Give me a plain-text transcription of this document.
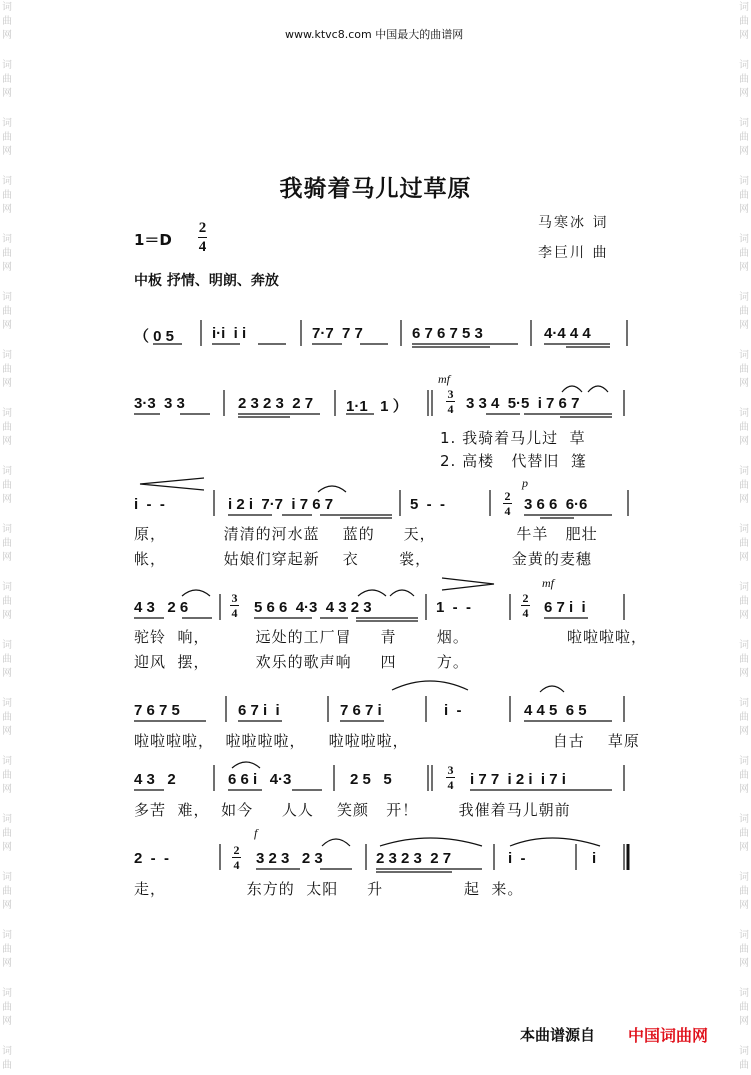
词
曲
网
词
曲
网
词
曲
网
词
曲
网
词
曲
网
词
曲
网
词
曲
网
词
曲
网
词
曲
网
词
曲
网
词
曲
网
词
曲
网
词
曲
网
词
曲
网
词
曲
网
词
曲
网
词
曲
网
词
曲
网
词
曲
词
曲
网
词
曲
网
词
曲
网
词
曲
网
词
曲
网
词
曲
网
词
曲
网
词
曲
网
词
曲
网
词
曲
网
词
曲
网
词
曲
网
词
曲
网
词
曲
网
词
曲
网
词
曲
网
词
曲
网
词
曲
网
词
曲
www.ktvc8.com 中国最大的曲谱网
我骑着马儿过草原
马寒冰 词
李巨川 曲
1＝D
2
4
中板 抒情、明朗、奔放
（ 0 5	i·i  i i	7·7  7 7	6 7 6 7 5 3	4·4 4 4
3·3  3 3	2 3 2 3  2 7 1·1   1 ）
3
4 3 3 4  5·5  i 7 6 7
mf
1. 我骑着马儿过  草
2. 高楼   代替旧  篷
i  -  -	i 2 i  7·7  i 7 6 7	5  -  -	2
4 3 6 6  6·6
p
原，          清清的河水蓝    蓝的     天，              牛羊   肥壮
帐，          姑娘们穿起新    衣       裳，              金黄的麦穗
4 3   2 6
3
4 5 6 6  4·3  4 3 2 3	1  -  -
2
4 6 7 i  i
mf
驼铃  响，        远处的工厂冒     青       烟。                 啦啦啦啦，
迎风  摆，        欢乐的歌声响     四       方。
7 6 7 5	6 7 i  i	7 6 7 i	i  -	4 4 5  6 5
啦啦啦啦，  啦啦啦啦，    啦啦啦啦，                         自古    草原
4 3   2	6 6 i   4·3	2 5   5
3
4 i 7 7  i 2 i  i 7 i
多苦  难，  如今     人人    笑颜   开！       我催着马儿朝前
2  -  -	2
4 3 2 3   2 3	2 3 2 3  2 7	i  -	i
f
走，              东方的  太阳     升              起  来。
本曲谱源自 中国词曲网
